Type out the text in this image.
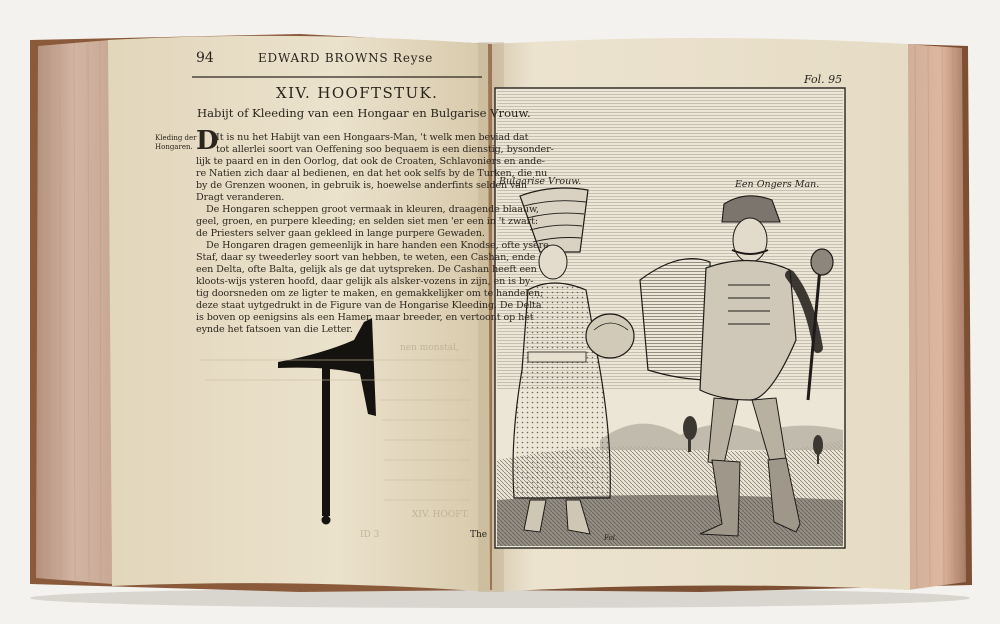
94	EDWARD BROWNS Reyse
XIV. HOOFTSTUK.
Habijt of Kleeding van een Hongaar en Bulgarise Vrouw.
Kleding der
Hongaren. D
It is nu het Habijt van een Hongaars-Man, 't welk men beviad dat
tot allerlei soort van Oeffening soo bequaem is een dienstig, bysonder-
lijk te paard en in den Oorlog, dat ook de Croaten, Schlavoniers en ande-
re Natien zich daar al bedienen, en dat het ook selfs by de Turken, die nu
by de Grenzen woonen, in gebruik is, hoewelse anderfints selden van
Dragt veranderen.
De Hongaren scheppen groot vermaak in kleuren, draagende blaauw,
geel, groen, en purpere kleeding; en selden siet men 'er een in 't zwart:
de Priesters selver gaan gekleed in lange purpere Gewaden.
De Hongaren dragen gemeenlijk in hare handen een Knodse, ofte ysere
Staf, daar sy tweederley soort van hebben, te weten, een Cashan, ende
een Delta, ofte Balta, gelijk als ge dat uytspreken. De Cashan heeft een
kloots-wijs ysteren hoofd, daar gelijk als alsker-vozens in zijn, en is by-
tig doorsneden om ze ligter te maken, en gemakkelijker om te handelen;
deze staat uytgedrukt in de Figure van de Hongarise Kleeding. De Delta
is boven op eenigsins als een Hamer, maar breeder, en vertoont op het
eynde het fatsoen van die Letter.
nen monstal,
XIV. HOOFT.
ID 3	The
Fol. 95
Bulgarise Vrouw.	Een Ongers Man.
Fol.
